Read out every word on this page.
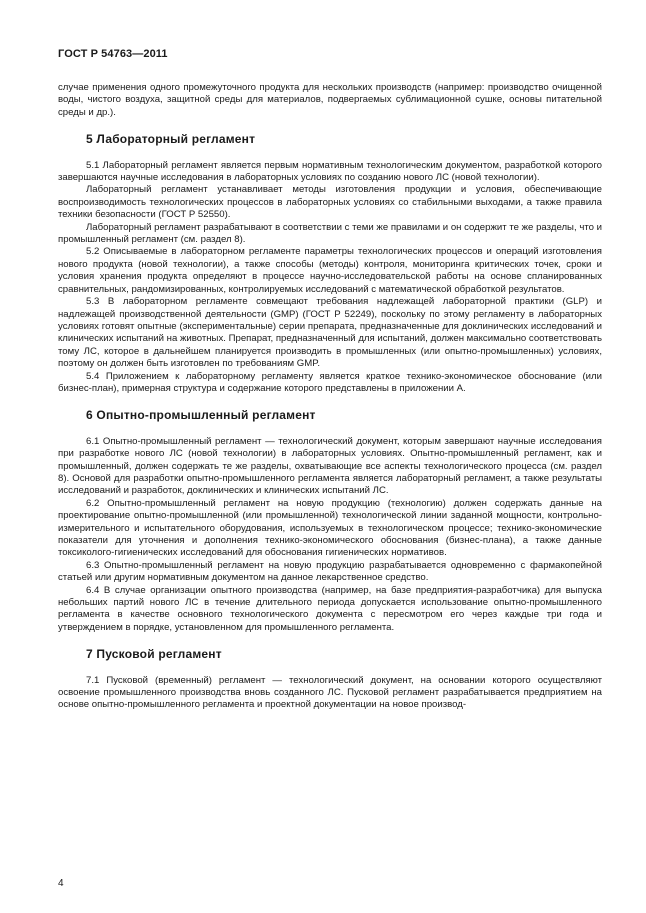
ГОСТ Р 54763—2011

случае применения одного промежуточного продукта для нескольких производств (например: производство очищенной воды, чистого воздуха, защитной среды для материалов, подвергаемых сублимационной сушке, основы питательной среды и др.).

5 Лабораторный регламент

5.1 Лабораторный регламент является первым нормативным технологическим документом, разработкой которого завершаются научные исследования в лабораторных условиях по созданию нового ЛС (новой технологии).

Лабораторный регламент устанавливает методы изготовления продукции и условия, обеспечивающие воспроизводимость технологических процессов в лабораторных условиях со стабильными выходами, а также правила техники безопасности (ГОСТ Р 52550).

Лабораторный регламент разрабатывают в соответствии с теми же правилами и он содержит те же разделы, что и промышленный регламент (см. раздел 8).

5.2 Описываемые в лабораторном регламенте параметры технологических процессов и операций изготовления нового продукта (новой технологии), а также способы (методы) контроля, мониторинга критических точек, сроки и условия хранения продукта определяют в процессе научно-исследовательской работы на основе спланированных сравнительных, рандомизированных, контролируемых исследований с математической обработкой результатов.

5.3 В лабораторном регламенте совмещают требования надлежащей лабораторной практики (GLP) и надлежащей производственной деятельности (GMP) (ГОСТ Р 52249), поскольку по этому регламенту в лабораторных условиях готовят опытные (экспериментальные) серии препарата, предназначенные для доклинических исследований и клинических испытаний на животных. Препарат, предназначенный для испытаний, должен максимально соответствовать тому ЛС, которое в дальнейшем планируется производить в промышленных (или опытно-промышленных) условиях, поэтому он должен быть изготовлен по требованиям GMP.

5.4 Приложением к лабораторному регламенту является краткое технико-экономическое обоснование (или бизнес-план), примерная структура и содержание которого представлены в приложении А.

6 Опытно-промышленный регламент

6.1 Опытно-промышленный регламент — технологический документ, которым завершают научные исследования при разработке нового ЛС (новой технологии) в лабораторных условиях. Опытно-промышленный регламент, как и промышленный, должен содержать те же разделы, охватывающие все аспекты технологического процесса (см. раздел 8). Основой для разработки опытно-промышленного регламента является лабораторный регламент, а также результаты исследований и разработок, доклинических и клинических испытаний ЛС.

6.2 Опытно-промышленный регламент на новую продукцию (технологию) должен содержать данные на проектирование опытно-промышленной (или промышленной) технологической линии заданной мощности, контрольно-измерительного и испытательного оборудования, используемых в технологическом процессе; технико-экономические показатели для уточнения и дополнения технико-экономического обоснования (бизнес-плана), а также данные токсиколого-гигиенических исследований для обоснования гигиенических нормативов.

6.3 Опытно-промышленный регламент на новую продукцию разрабатывается одновременно с фармакопейной статьей или другим нормативным документом на данное лекарственное средство.

6.4 В случае организации опытного производства (например, на базе предприятия-разработчика) для выпуска небольших партий нового ЛС в течение длительного периода допускается использование опытно-промышленного регламента в качестве основного технологического документа с пересмотром его через каждые три года и утверждением в порядке, установленном для промышленного регламента.

7 Пусковой регламент

7.1 Пусковой (временный) регламент — технологический документ, на основании которого осуществляют освоение промышленного производства вновь созданного ЛС. Пусковой регламент разрабатывается предприятием на основе опытно-промышленного регламента и проектной документации на новое производ-

4
